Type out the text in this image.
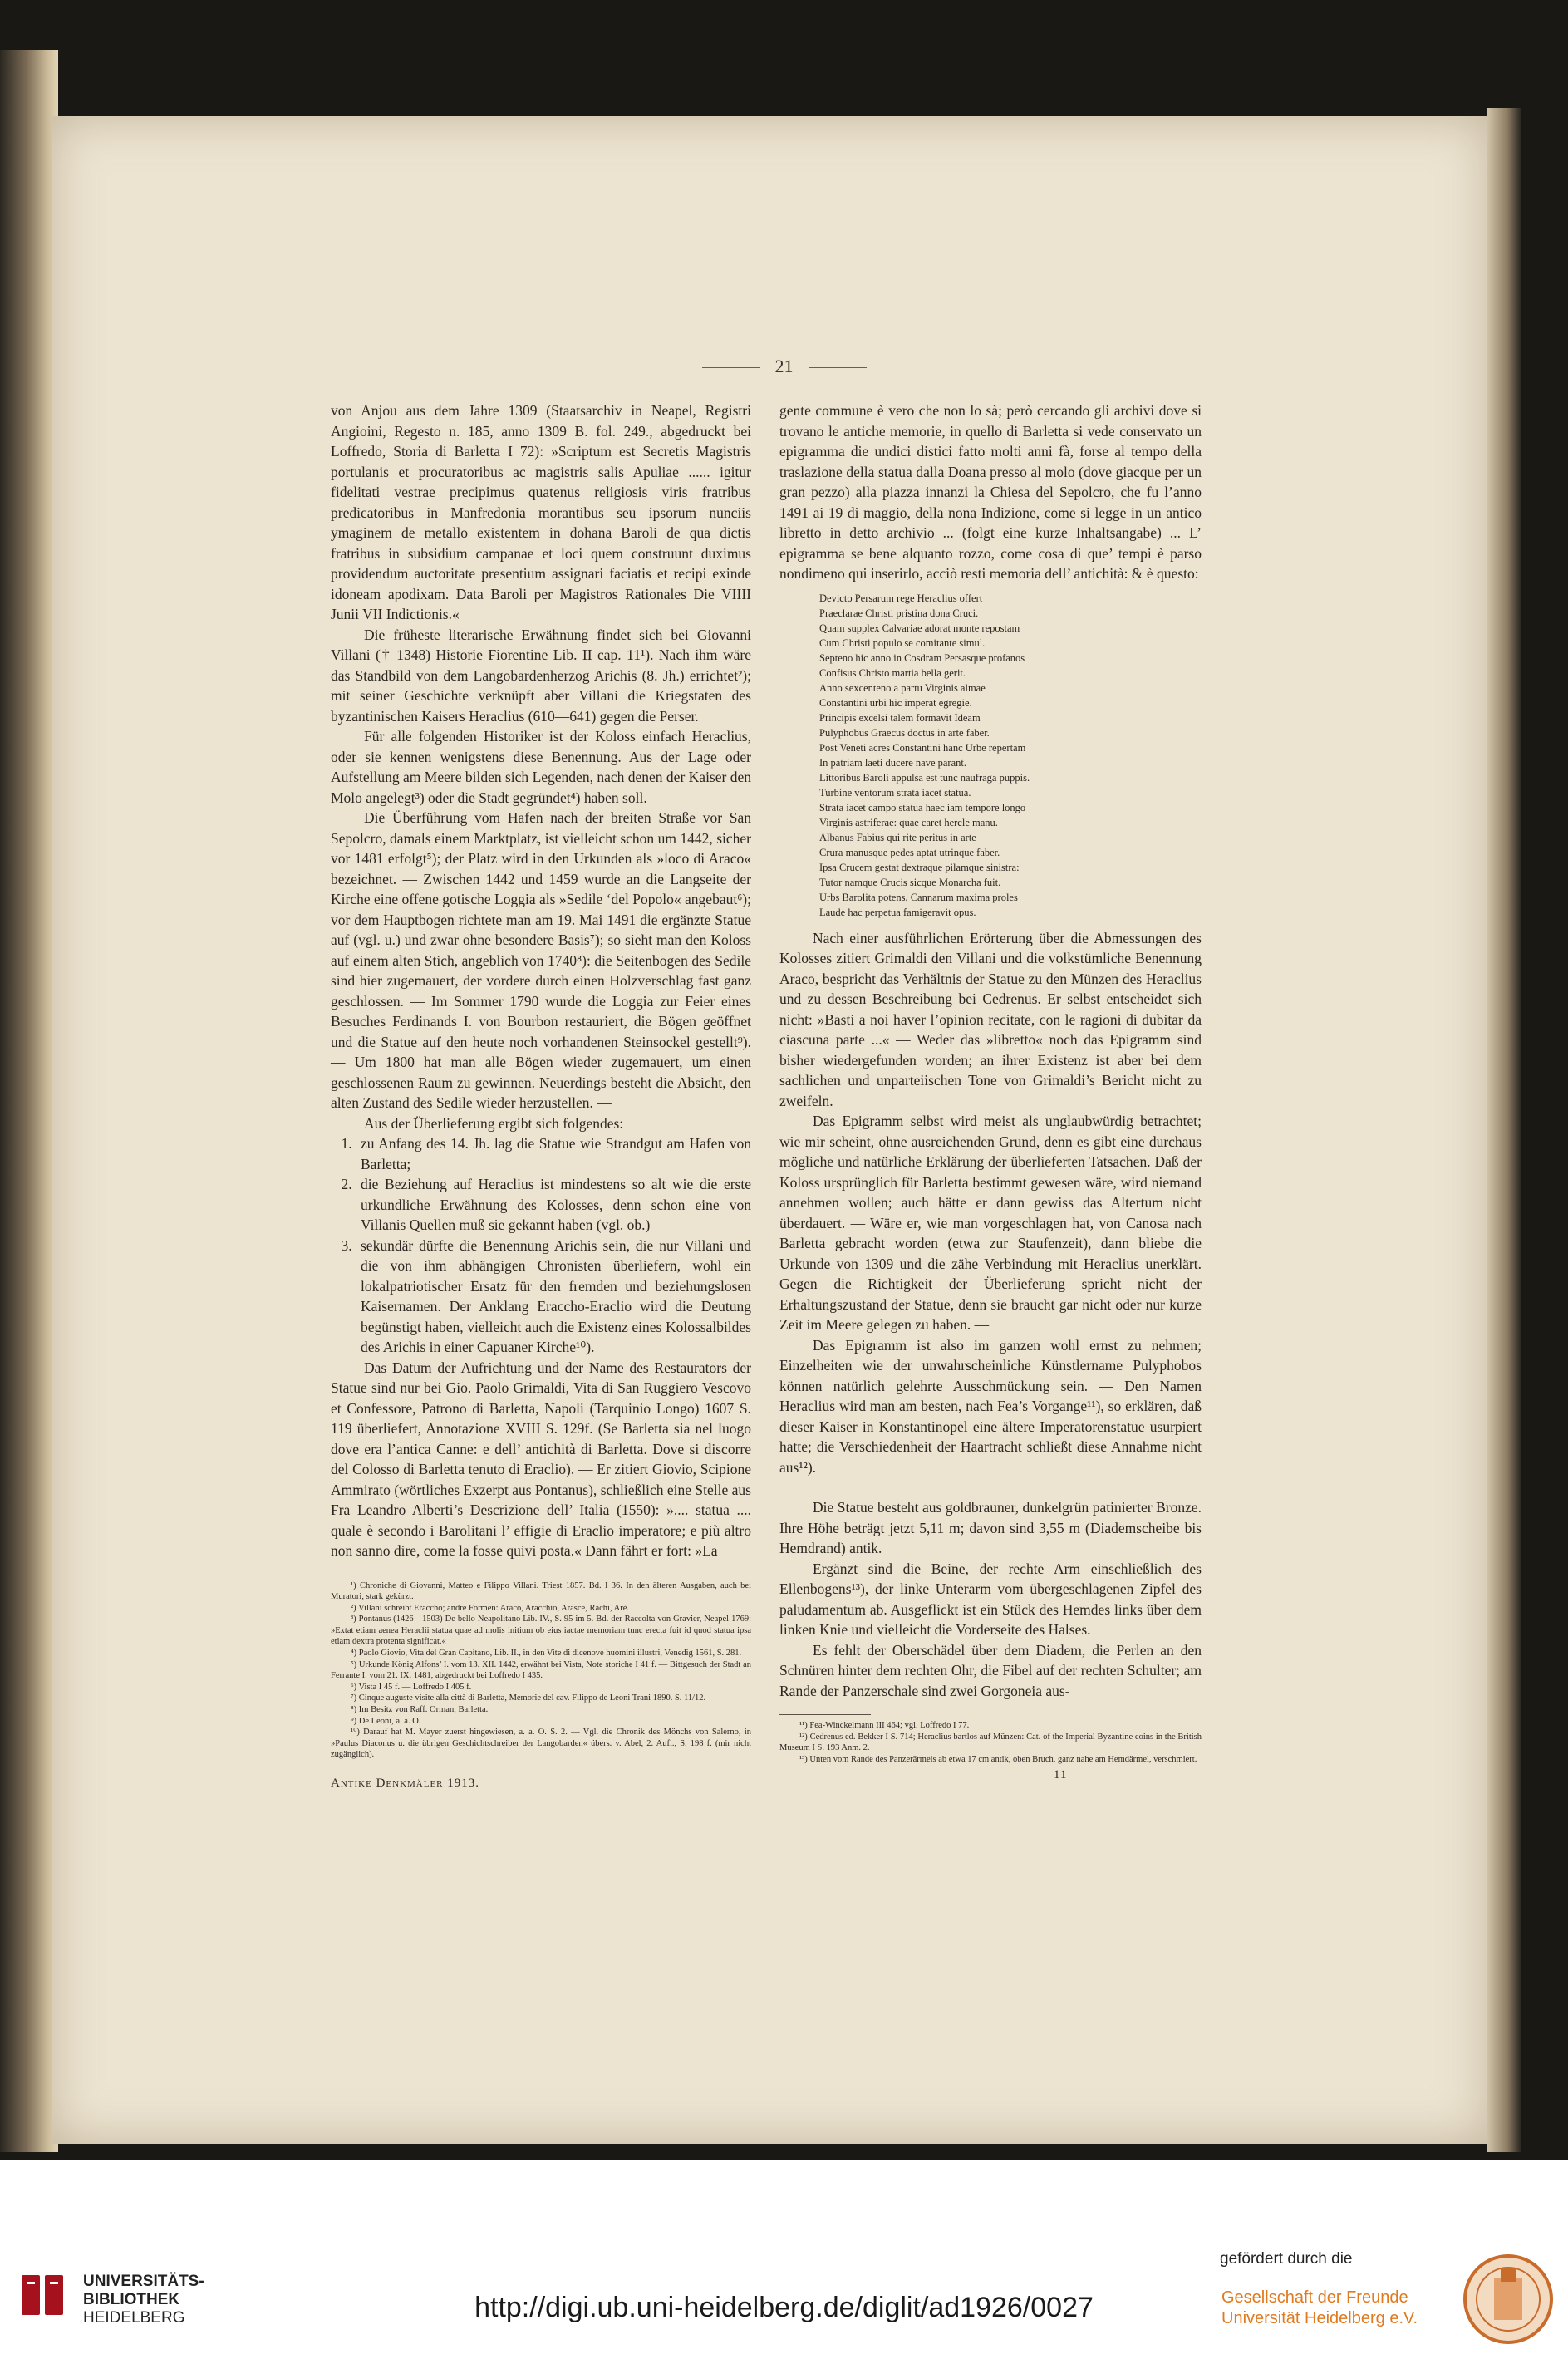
21

von Anjou aus dem Jahre 1309 (Staatsarchiv in Neapel, Registri Angioini, Regesto n. 185, anno 1309 B. fol. 249., abgedruckt bei Loffredo, Storia di Barletta I 72): »Scriptum est Secretis Magistris portulanis et procuratoribus ac magistris salis Apuliae ...... igitur fidelitati vestrae precipimus quatenus religiosis viris fratribus predicatoribus in Manfredonia morantibus seu ipsorum nunciis ymaginem de metallo existentem in dohana Baroli de qua dictis fratribus in subsidium campanae et loci quem construunt duximus providendum auctoritate presentium assignari faciatis et recipi exinde idoneam apodixam. Data Baroli per Magistros Rationales Die VIIII Junii VII Indictionis.«

Die früheste literarische Erwähnung findet sich bei Giovanni Villani († 1348) Historie Fiorentine Lib. II cap. 11¹). Nach ihm wäre das Standbild von dem Langobardenherzog Arichis (8. Jh.) errichtet²); mit seiner Geschichte verknüpft aber Villani die Kriegstaten des byzantinischen Kaisers Heraclius (610—641) gegen die Perser.

Für alle folgenden Historiker ist der Koloss einfach Heraclius, oder sie kennen wenigstens diese Benennung. Aus der Lage oder Aufstellung am Meere bilden sich Legenden, nach denen der Kaiser den Molo angelegt³) oder die Stadt gegründet⁴) haben soll.

Die Überführung vom Hafen nach der breiten Straße vor San Sepolcro, damals einem Marktplatz, ist vielleicht schon um 1442, sicher vor 1481 erfolgt⁵); der Platz wird in den Urkunden als »loco di Araco« bezeichnet. — Zwischen 1442 und 1459 wurde an die Langseite der Kirche eine offene gotische Loggia als »Sedile ‘del Popolo« angebaut⁶); vor dem Hauptbogen richtete man am 19. Mai 1491 die ergänzte Statue auf (vgl. u.) und zwar ohne besondere Basis⁷); so sieht man den Koloss auf einem alten Stich, angeblich von 1740⁸): die Seitenbogen des Sedile sind hier zugemauert, der vordere durch einen Holzverschlag fast ganz geschlossen. — Im Sommer 1790 wurde die Loggia zur Feier eines Besuches Ferdinands I. von Bourbon restauriert, die Bögen geöffnet und die Statue auf den heute noch vorhandenen Steinsockel gestellt⁹). — Um 1800 hat man alle Bögen wieder zugemauert, um einen geschlossenen Raum zu gewinnen. Neuerdings besteht die Absicht, den alten Zustand des Sedile wieder herzustellen. —

Aus der Überlieferung ergibt sich folgendes:

1. zu Anfang des 14. Jh. lag die Statue wie Strandgut am Hafen von Barletta;
2. die Beziehung auf Heraclius ist mindestens so alt wie die erste urkundliche Erwähnung des Kolosses, denn schon eine von Villanis Quellen muß sie gekannt haben (vgl. ob.)
3. sekundär dürfte die Benennung Arichis sein, die nur Villani und die von ihm abhängigen Chronisten überliefern, wohl ein lokalpatriotischer Ersatz für den fremden und beziehungslosen Kaisernamen. Der Anklang Eraccho-Eraclio wird die Deutung begünstigt haben, vielleicht auch die Existenz eines Kolossalbildes des Arichis in einer Capuaner Kirche¹⁰).

Das Datum der Aufrichtung und der Name des Restaurators der Statue sind nur bei Gio. Paolo Grimaldi, Vita di San Ruggiero Vescovo et Confessore, Patrono di Barletta, Napoli (Tarquinio Longo) 1607 S. 119 überliefert, Annotazione XVIII S. 129f. (Se Barletta sia nel luogo dove era l’antica Canne: e dell’ antichità di Barletta. Dove si discorre del Colosso di Barletta tenuto di Eraclio). — Er zitiert Giovio, Scipione Ammirato (wörtliches Exzerpt aus Pontanus), schließlich eine Stelle aus Fra Leandro Alberti’s Descrizione dell’ Italia (1550): ».... statua .... quale è secondo i Barolitani l’ effigie di Eraclio imperatore; e più altro non sanno dire, come la fosse quivi posta.« Dann fährt er fort: »La

¹) Chroniche di Giovanni, Matteo e Filippo Villani. Triest 1857. Bd. I 36. In den älteren Ausgaben, auch bei Muratori, stark gekürzt.

²) Villani schreibt Eraccho; andre Formen: Araco, Aracchio, Arasce, Rachi, Arè.

³) Pontanus (1426—1503) De bello Neapolitano Lib. IV., S. 95 im 5. Bd. der Raccolta von Gravier, Neapel 1769: »Extat etiam aenea Heraclii statua quae ad molis initium ob eius iactae memoriam tunc erecta fuit id quod statua ipsa etiam dextra protenta significat.«

⁴) Paolo Giovio, Vita del Gran Capitano, Lib. II., in den Vite di dicenove huomini illustri, Venedig 1561, S. 281.

⁵) Urkunde König Alfons’ I. vom 13. XII. 1442, erwähnt bei Vista, Note storiche I 41 f. — Bittgesuch der Stadt an Ferrante I. vom 21. IX. 1481, abgedruckt bei Loffredo I 435.

⁶) Vista I 45 f. — Loffredo I 405 f.

⁷) Cinque auguste visite alla città di Barletta, Memorie del cav. Filippo de Leoni Trani 1890. S. 11/12.

⁸) Im Besitz von Raff. Orman, Barletta.

⁹) De Leoni, a. a. O.

¹⁰) Darauf hat M. Mayer zuerst hingewiesen, a. a. O. S. 2. — Vgl. die Chronik des Mönchs von Salerno, in »Paulus Diaconus u. die übrigen Geschichtschreiber der Langobarden« übers. v. Abel, 2. Aufl., S. 198 f. (mir nicht zugänglich).

gente commune è vero che non lo sà; però cercando gli archivi dove si trovano le antiche memorie, in quello di Barletta si vede conservato un epigramma die undici distici fatto molti anni fà, forse al tempo della traslazione della statua dalla Doana presso al molo (dove giacque per un gran pezzo) alla piazza innanzi la Chiesa del Sepolcro, che fu l’anno 1491 ai 19 di maggio, della nona Indizione, come si legge in un antico libretto in detto archivio ... (folgt eine kurze Inhaltsangabe) ... L’ epigramma se bene alquanto rozzo, come cosa di que’ tempi è parso nondimeno qui inserirlo, acciò resti memoria dell’ antichità: & è questo:

Devicto Persarum rege Heraclius offert
Praeclarae Christi pristina dona Cruci.
Quam supplex Calvariae adorat monte repostam
Cum Christi populo se comitante simul.
Septeno hic anno in Cosdram Persasque profanos
Confisus Christo martia bella gerit.
Anno sexcenteno a partu Virginis almae
Constantini urbi hic imperat egregie.
Principis excelsi talem formavit Ideam
Pulyphobus Graecus doctus in arte faber.
Post Veneti acres Constantini hanc Urbe repertam
In patriam laeti ducere nave parant.
Littoribus Baroli appulsa est tunc naufraga puppis.
Turbine ventorum strata iacet statua.
Strata iacet campo statua haec iam tempore longo
Virginis astriferae: quae caret hercle manu.
Albanus Fabius qui rite peritus in arte
Crura manusque pedes aptat utrinque faber.
Ipsa Crucem gestat dextraque pilamque sinistra:
Tutor namque Crucis sicque Monarcha fuit.
Urbs Barolita potens, Cannarum maxima proles
Laude hac perpetua famigeravit opus.

Nach einer ausführlichen Erörterung über die Abmessungen des Kolosses zitiert Grimaldi den Villani und die volkstümliche Benennung Araco, bespricht das Verhältnis der Statue zu den Münzen des Heraclius und zu dessen Beschreibung bei Cedrenus. Er selbst entscheidet sich nicht: »Basti a noi haver l’opinion recitate, con le ragioni di dubitar da ciascuna parte ...« — Weder das »libretto« noch das Epigramm sind bisher wiedergefunden worden; an ihrer Existenz ist aber bei dem sachlichen und unparteiischen Tone von Grimaldi’s Bericht nicht zu zweifeln.

Das Epigramm selbst wird meist als unglaubwürdig betrachtet; wie mir scheint, ohne ausreichenden Grund, denn es gibt eine durchaus mögliche und natürliche Erklärung der überlieferten Tatsachen. Daß der Koloss ursprünglich für Barletta bestimmt gewesen wäre, wird niemand annehmen wollen; auch hätte er dann gewiss das Altertum nicht überdauert. — Wäre er, wie man vorgeschlagen hat, von Canosa nach Barletta gebracht worden (etwa zur Staufenzeit), dann bliebe die Urkunde von 1309 und die zähe Verbindung mit Heraclius unerklärt. Gegen die Richtigkeit der Überlieferung spricht nicht der Erhaltungszustand der Statue, denn sie braucht gar nicht oder nur kurze Zeit im Meere gelegen zu haben. —

Das Epigramm ist also im ganzen wohl ernst zu nehmen; Einzelheiten wie der unwahrscheinliche Künstlername Pulyphobos können natürlich gelehrte Ausschmückung sein. — Den Namen Heraclius wird man am besten, nach Fea’s Vorgange¹¹), so erklären, daß dieser Kaiser in Konstantinopel eine ältere Imperatorenstatue usurpiert hatte; die Verschiedenheit der Haartracht schließt diese Annahme nicht aus¹²).

Die Statue besteht aus goldbrauner, dunkelgrün patinierter Bronze. Ihre Höhe beträgt jetzt 5,11 m; davon sind 3,55 m (Diademscheibe bis Hemdrand) antik.

Ergänzt sind die Beine, der rechte Arm einschließlich des Ellenbogens¹³), der linke Unterarm vom übergeschlagenen Zipfel des paludamentum ab. Ausgeflickt ist ein Stück des Hemdes links über dem linken Knie und vielleicht die Vorderseite des Halses.

Es fehlt der Oberschädel über dem Diadem, die Perlen an den Schnüren hinter dem rechten Ohr, die Fibel auf der rechten Schulter; am Rande der Panzerschale sind zwei Gorgoneia aus-

¹¹) Fea-Winckelmann III 464; vgl. Loffredo I 77.

¹²) Cedrenus ed. Bekker I S. 714; Heraclius bartlos auf Münzen: Cat. of the Imperial Byzantine coins in the British Museum I S. 193 Anm. 2.

¹³) Unten vom Rande des Panzerärmels ab etwa 17 cm antik, oben Bruch, ganz nahe am Hemdärmel, verschmiert.

Antike Denkmäler 1913.
11
UNIVERSITÄTS-
BIBLIOTHEK
HEIDELBERG	http://digi.ub.uni-heidelberg.de/diglit/ad1926/0027
gefördert durch die
Gesellschaft der Freunde
Universität Heidelberg e.V.
